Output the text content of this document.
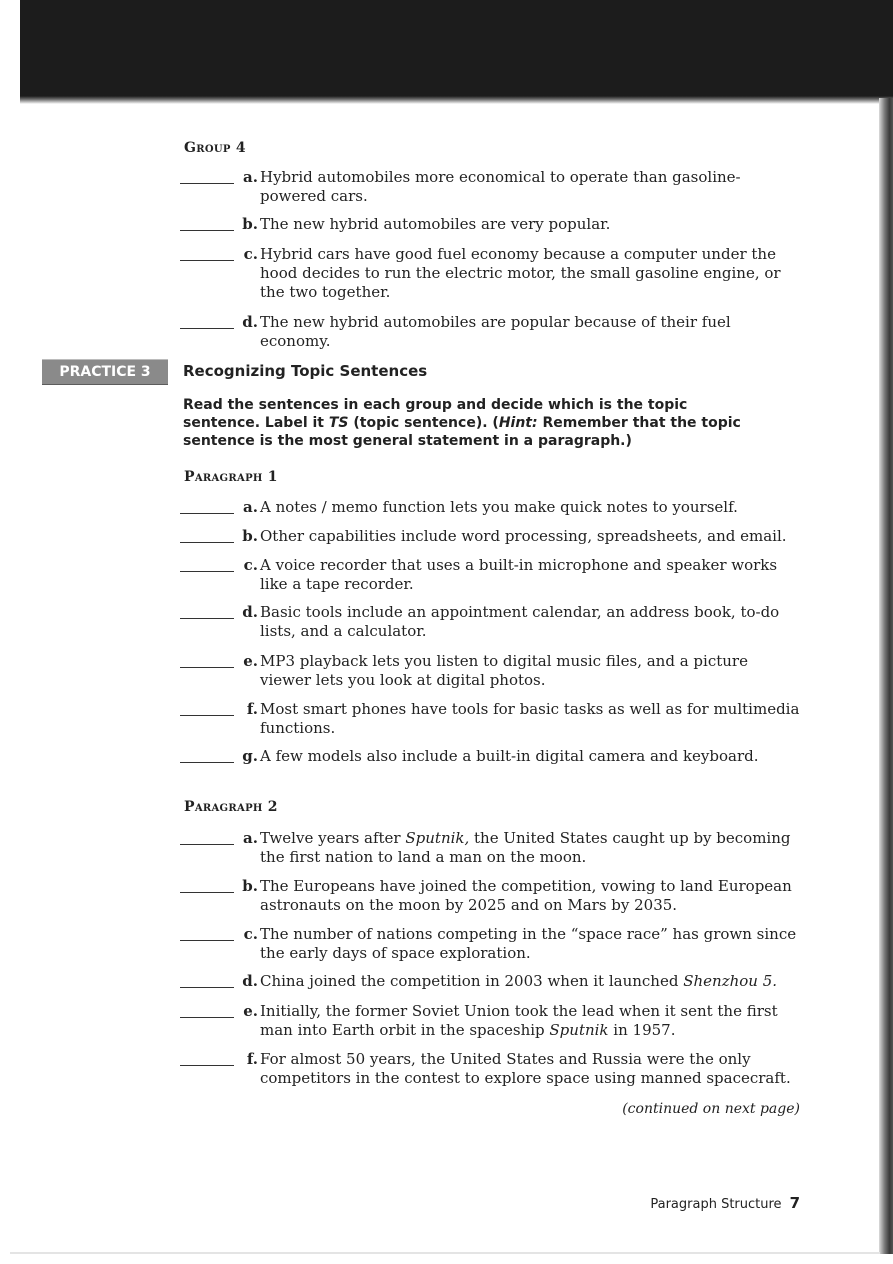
Group 4
a. Hybrid automobiles more economical to operate than gasoline-powered cars.
b. The new hybrid automobiles are very popular.
c. Hybrid cars have good fuel economy because a computer under the hood decides to run the electric motor, the small gasoline engine, or the two together.
d. The new hybrid automobiles are popular because of their fuel economy.
PRACTICE 3	Recognizing Topic Sentences
Read the sentences in each group and decide which is the topic sentence. Label it TS (topic sentence). (Hint: Remember that the topic sentence is the most general statement in a paragraph.)
Paragraph 1
a. A notes / memo function lets you make quick notes to yourself.
b. Other capabilities include word processing, spreadsheets, and email.
c. A voice recorder that uses a built-in microphone and speaker works like a tape recorder.
d. Basic tools include an appointment calendar, an address book, to-do lists, and a calculator.
e. MP3 playback lets you listen to digital music files, and a picture viewer lets you look at digital photos.
f. Most smart phones have tools for basic tasks as well as for multimedia functions.
g. A few models also include a built-in digital camera and keyboard.
Paragraph 2
a. Twelve years after Sputnik, the United States caught up by becoming the first nation to land a man on the moon.
b. The Europeans have joined the competition, vowing to land European astronauts on the moon by 2025 and on Mars by 2035.
c. The number of nations competing in the “space race” has grown since the early days of space exploration.
d. China joined the competition in 2003 when it launched Shenzhou 5.
e. Initially, the former Soviet Union took the lead when it sent the first man into Earth orbit in the spaceship Sputnik in 1957.
f. For almost 50 years, the United States and Russia were the only competitors in the contest to explore space using manned spacecraft.
(continued on next page)
Paragraph Structure 7
